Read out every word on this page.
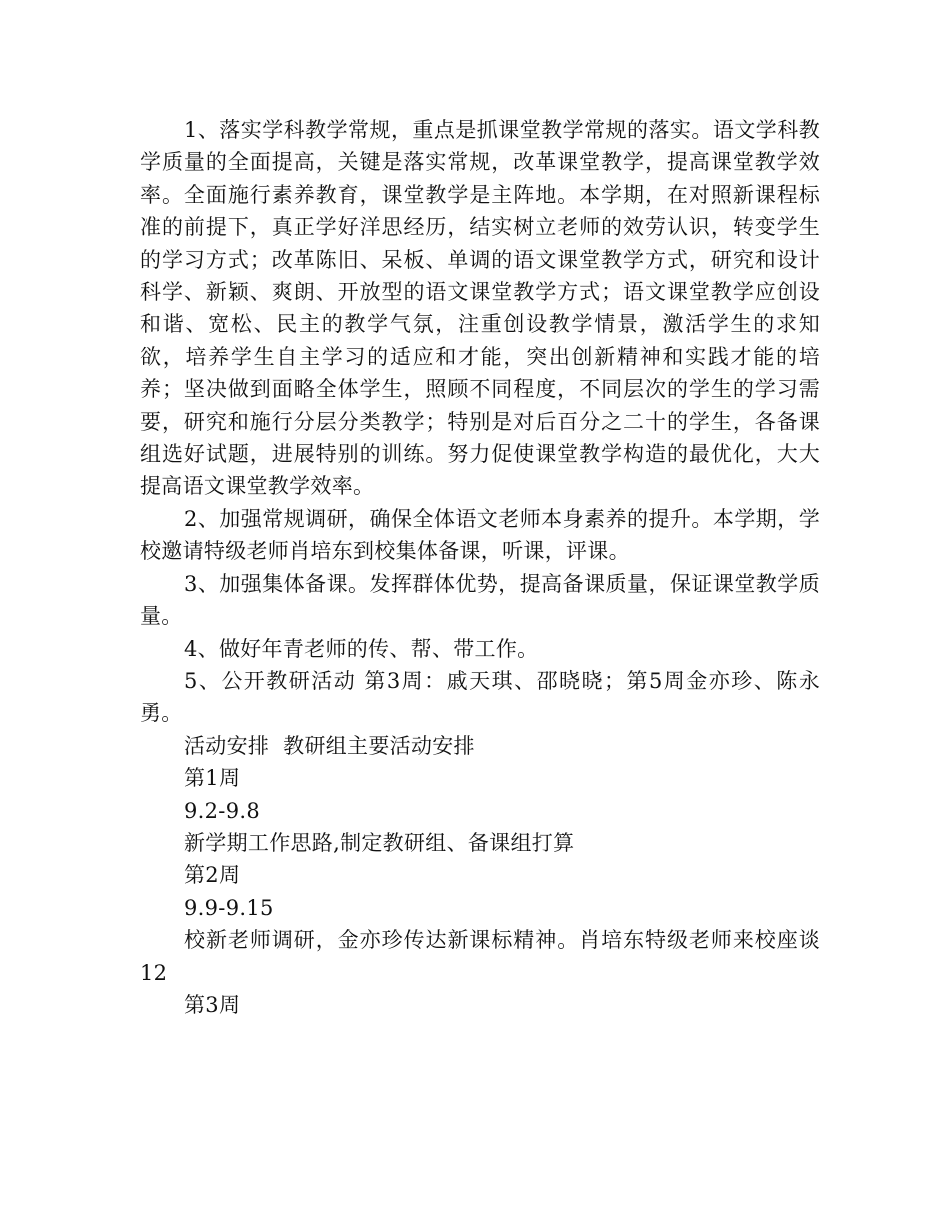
1、落实学科教学常规，重点是抓课堂教学常规的落实。语文学科教学质量的全面提高，关键是落实常规，改革课堂教学，提高课堂教学效率。全面施行素养教育，课堂教学是主阵地。本学期，在对照新课程标准的前提下，真正学好洋思经历，结实树立老师的效劳认识，转变学生的学习方式；改革陈旧、呆板、单调的语文课堂教学方式，研究和设计科学、新颖、爽朗、开放型的语文课堂教学方式；语文课堂教学应创设和谐、宽松、民主的教学气氛，注重创设教学情景，激活学生的求知欲，培养学生自主学习的适应和才能，突出创新精神和实践才能的培养；坚决做到面略全体学生，照顾不同程度，不同层次的学生的学习需要，研究和施行分层分类教学；特别是对后百分之二十的学生，各备课组选好试题，进展特别的训练。努力促使课堂教学构造的最优化，大大提高语文课堂教学效率。

2、加强常规调研，确保全体语文老师本身素养的提升。本学期，学校邀请特级老师肖培东到校集体备课，听课，评课。

3、加强集体备课。发挥群体优势，提高备课质量，保证课堂教学质量。

4、做好年青老师的传、帮、带工作。

5、公开教研活动 第3周：戚天琪、邵晓晓；第5周金亦珍、陈永勇。

活动安排  教研组主要活动安排

第1周

9.2-9.8

新学期工作思路,制定教研组、备课组打算

第2周

9.9-9.15

校新老师调研，金亦珍传达新课标精神。肖培东特级老师来校座谈12

第3周
